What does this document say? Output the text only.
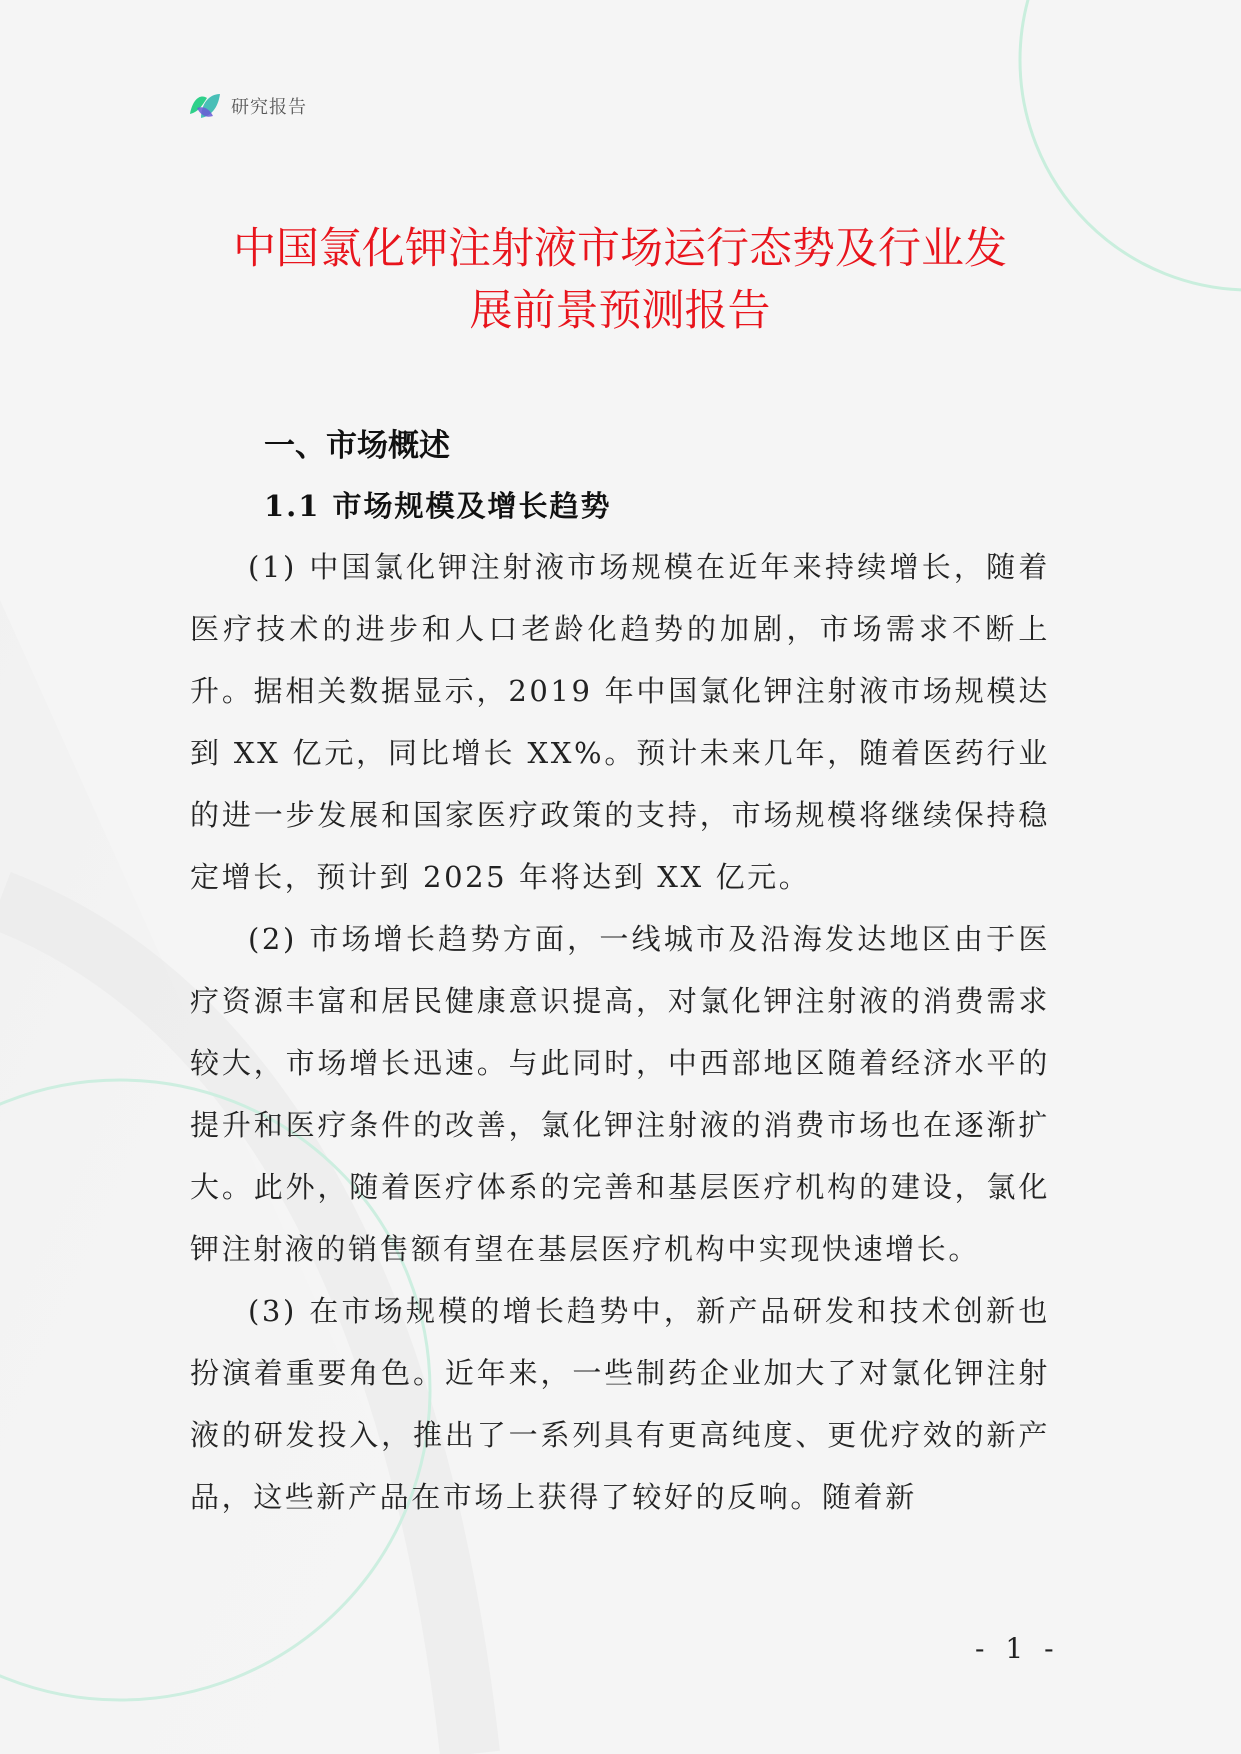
研究报告
中国氯化钾注射液市场运行态势及行业发
展前景预测报告
一、市场概述
1.1 市场规模及增长趋势

(1) 中国氯化钾注射液市场规模在近年来持续增长，随着医疗技术的进步和人口老龄化趋势的加剧，市场需求不断上升。据相关数据显示，2019 年中国氯化钾注射液市场规模达到 XX 亿元，同比增长 XX%。预计未来几年，随着医药行业的进一步发展和国家医疗政策的支持，市场规模将继续保持稳定增长，预计到 2025 年将达到 XX 亿元。

(2) 市场增长趋势方面，一线城市及沿海发达地区由于医疗资源丰富和居民健康意识提高，对氯化钾注射液的消费需求较大，市场增长迅速。与此同时，中西部地区随着经济水平的提升和医疗条件的改善，氯化钾注射液的消费市场也在逐渐扩大。此外，随着医疗体系的完善和基层医疗机构的建设，氯化钾注射液的销售额有望在基层医疗机构中实现快速增长。

(3) 在市场规模的增长趋势中，新产品研发和技术创新也扮演着重要角色。近年来，一些制药企业加大了对氯化钾注射液的研发投入，推出了一系列具有更高纯度、更优疗效的新产品，这些新产品在市场上获得了较好的反响。随着新

- 1 -
